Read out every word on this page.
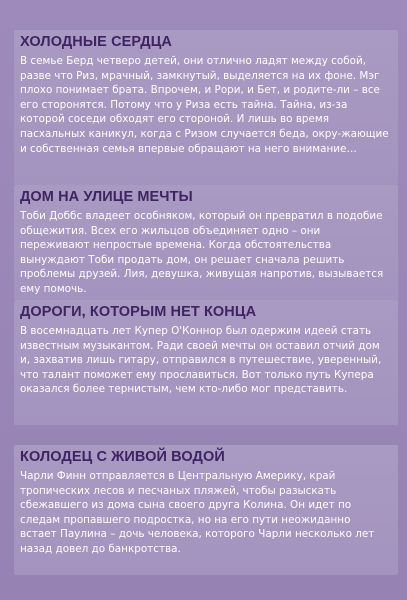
ХОЛОДНЫЕ СЕРДЦА

В семье Берд четверо детей, они отлично ладят между собой, разве что Риз, мрачный, замкнутый, выделяется на их фоне. Мэг плохо понимает брата. Впрочем, и Рори, и Бет, и родите-ли – все его сторонятся. Потому что у Риза есть тайна. Тайна, из-за которой соседи обходят его стороной. И лишь во время пасхальных каникул, когда с Ризом случается беда, окру-жающие и собственная семья впервые обращают на него внимание…

ДОМ НА УЛИЦЕ МЕЧТЫ

Тоби Доббс владеет особняком, который он превратил в подобие общежития. Всех его жильцов объединяет одно – они переживают непростые времена. Когда обстоятельства вынуждают Тоби продать дом, он решает сначала решить проблемы друзей. Лия, девушка, живущая напротив, вызывается ему помочь.

ДОРОГИ, КОТОРЫМ НЕТ КОНЦА

В восемнадцать лет Купер О'Коннор был одержим идеей стать известным музыкантом. Ради своей мечты он оставил отчий дом и, захватив лишь гитару, отправился в путешествие, уверенный, что талант поможет ему прославиться. Вот только путь Купера оказался более тернистым, чем кто-либо мог представить.

КОЛОДЕЦ С ЖИВОЙ ВОДОЙ

Чарли Финн отправляется в Центральную Америку, край тропических лесов и песчаных пляжей, чтобы разыскать сбежавшего из дома сына своего друга Колина. Он идет по следам пропавшего подростка, но на его пути неожиданно встает Паулина – дочь человека, которого Чарли несколько лет назад довел до банкротства.
